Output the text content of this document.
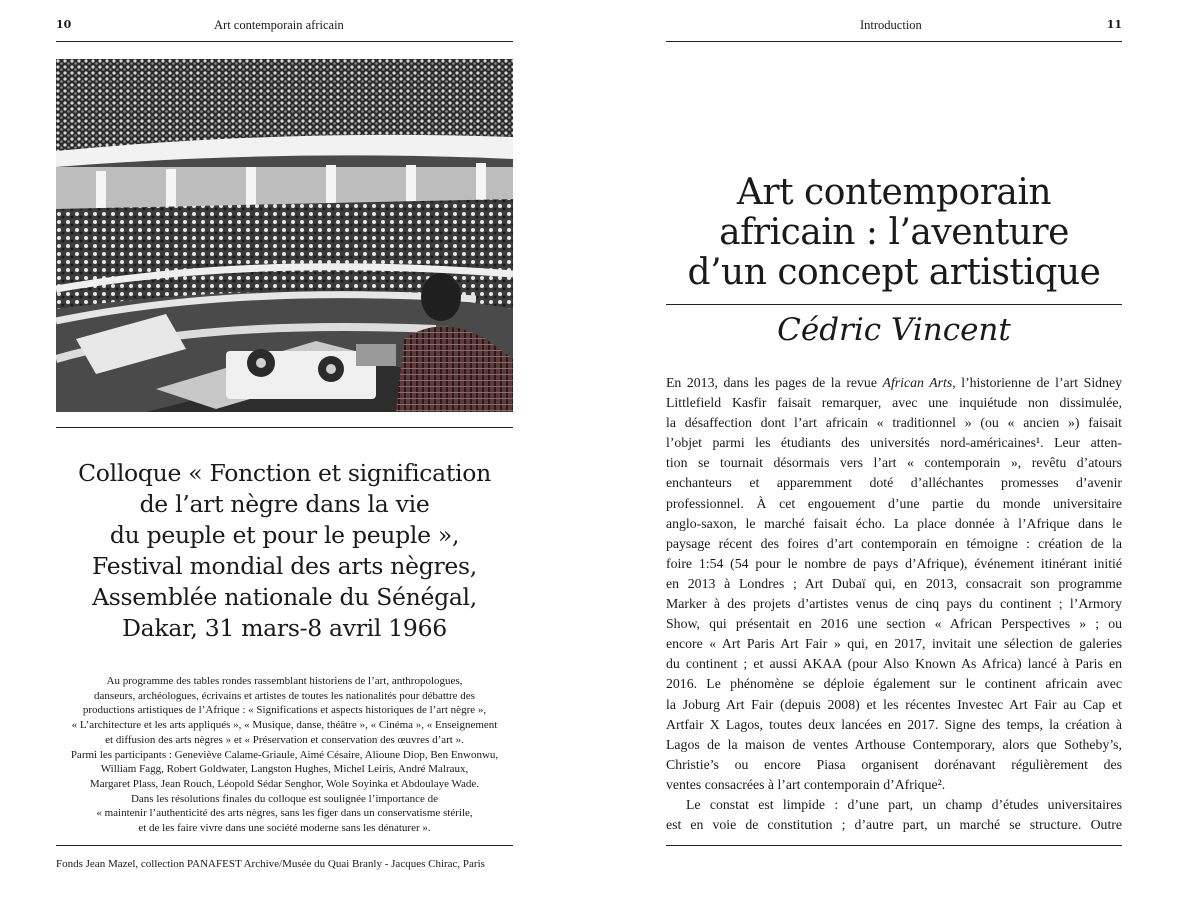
10	Art contemporain africain
Colloque « Fonction et signification
de l’art nègre dans la vie
du peuple et pour le peuple »,
Festival mondial des arts nègres,
Assemblée nationale du Sénégal,
Dakar, 31 mars-8 avril 1966
Au programme des tables rondes rassemblant historiens de l’art, anthropologues,
danseurs, archéologues, écrivains et artistes de toutes les nationalités pour débattre des
productions artistiques de l’Afrique : « Significations et aspects historiques de l’art nègre »,
« L’architecture et les arts appliqués », « Musique, danse, théâtre », « Cinéma », « Enseignement
et diffusion des arts nègres » et « Préservation et conservation des œuvres d’art ».
Parmi les participants : Geneviève Calame-Griaule, Aimé Césaire, Alioune Diop, Ben Enwonwu,
William Fagg, Robert Goldwater, Langston Hughes, Michel Leiris, André Malraux,
Margaret Plass, Jean Rouch, Léopold Sédar Senghor, Wole Soyinka et Abdoulaye Wade.
Dans les résolutions finales du colloque est soulignée l’importance de
« maintenir l’authenticité des arts nègres, sans les figer dans un conservatisme stérile,
et de les faire vivre dans une société moderne sans les dénaturer ».
Fonds Jean Mazel, collection PANAFEST Archive/Musée du Quai Branly - Jacques Chirac, Paris
Introduction	11
Art contemporain
africain : l’aventure
d’un concept artistique
Cédric Vincent
En 2013, dans les pages de la revue African Arts, l’historienne de l’art Sidney
Littlefield Kasfir faisait remarquer, avec une inquiétude non dissimulée,
la désaffection dont l’art africain « traditionnel » (ou « ancien ») faisait
l’objet parmi les étudiants des universités nord-américaines¹. Leur atten-
tion se tournait désormais vers l’art « contemporain », revêtu d’atours
enchanteurs et apparemment doté d’alléchantes promesses d’avenir
professionnel. À cet engouement d’une partie du monde universitaire
anglo-saxon, le marché faisait écho. La place donnée à l’Afrique dans le
paysage récent des foires d’art contemporain en témoigne : création de la
foire 1:54 (54 pour le nombre de pays d’Afrique), événement itinérant initié
en 2013 à Londres ; Art Dubaï qui, en 2013, consacrait son programme
Marker à des projets d’artistes venus de cinq pays du continent ; l’Armory
Show, qui présentait en 2016 une section « African Perspectives » ; ou
encore « Art Paris Art Fair » qui, en 2017, invitait une sélection de galeries
du continent ; et aussi AKAA (pour Also Known As Africa) lancé à Paris en
2016. Le phénomène se déploie également sur le continent africain avec
la Joburg Art Fair (depuis 2008) et les récentes Investec Art Fair au Cap et
Artfair X Lagos, toutes deux lancées en 2017. Signe des temps, la création à
Lagos de la maison de ventes Arthouse Contemporary, alors que Sotheby’s,
Christie’s ou encore Piasa organisent dorénavant régulièrement des
ventes consacrées à l’art contemporain d’Afrique².
Le constat est limpide : d’une part, un champ d’études universitaires
est en voie de constitution ; d’autre part, un marché se structure. Outre
